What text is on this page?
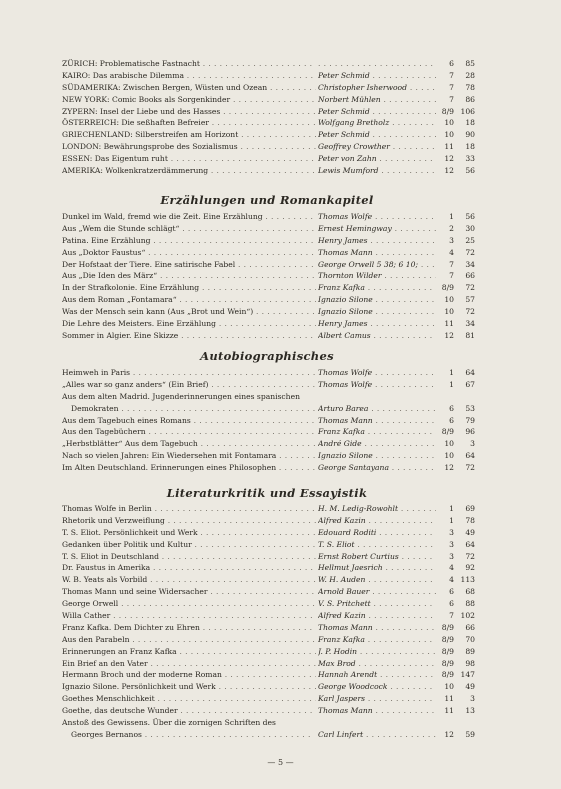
ZÜRICH: Problematische Fastnacht . . .
. . .	6	85
KAIRO: Das arabische Dilemma . . .	Peter Schmid . . .	7	28
SÜDAMERIKA: Zwischen Bergen, Wüsten und Ozean . . .	Christopher Isherwood . . .	7	78
NEW YORK: Comic Books als Sorgenkinder . . .	Norbert Mühlen . . .	7	86
ZYPERN: Insel der Liebe und des Hasses . . .	Peter Schmid . . .	8/9 106
ÖSTERREICH: Die seßhaften Befreier . . .	Wolfgang Bretholz . . .	10	18
GRIECHENLAND: Silberstreifen am Horizont . . .	Peter Schmid . . .	10	90
LONDON: Bewährungsprobe des Sozialismus . . .	Geoffrey Crowther . . .	11	18
ESSEN: Das Eigentum ruht . . .	Peter von Zahn . . .	12	33
AMERIKA: Wolkenkratzerdämmerung . . .	Lewis Mumford . . .	12	56
Erzählungen und Romankapitel
Dunkel im Wald, fremd wie die Zeit. Eine Erzählung . . .	Thomas Wolfe . . .	1	56
Aus „Wem die Stunde schlägt“ . . .	Ernest Hemingway . . .	2	30
Patina. Eine Erzählung . . .	Henry James . . .	3	25
Aus „Doktor Faustus“ . . .	Thomas Mann . . .	4	72
Der Hofstaat der Tiere. Eine satirische Fabel . . .	George Orwell 5 38; 6 10; . . .	7	34
Aus „Die Iden des März“ . . .	Thornton Wilder . . .	7	66
In der Strafkolonie. Eine Erzählung . . .	Franz Kafka . . .	8/9	72
Aus dem Roman „Fontamara“ . . .	Ignazio Silone . . .	10	57
Was der Mensch sein kann (Aus „Brot und Wein“) . . .	Ignazio Silone . . .	10	72
Die Lehre des Meisters. Eine Erzählung . . .	Henry James . . .	11	34
Sommer in Algier. Eine Skizze . . .	Albert Camus . . .	12	81
Autobiographisches
Heimweh in Paris . . .	Thomas Wolfe . . .	1	64
„Alles war so ganz anders“ (Ein Brief) . . .	Thomas Wolfe . . .	1	67
Aus dem alten Madrid. Jugenderinnerungen eines spanischen
Demokraten . . .	Arturo Barea . . .	6	53
Aus dem Tagebuch eines Romans . . .	Thomas Mann . . .	6	79
Aus den Tagebüchern . . .	Franz Kafka . . .	8/9	96
„Herbstblätter“ Aus dem Tagebuch . . .	André Gide . . .	10	3
Nach so vielen Jahren: Ein Wiedersehen mit Fontamara . . .	Ignazio Silone . . .	10	64
Im Alten Deutschland. Erinnerungen eines Philosophen . . .	George Santayana . . .	12	72
Literaturkritik und Essayistik
Thomas Wolfe in Berlin . . .	H. M. Ledig-Rowohlt . . .	1	69
Rhetorik und Verzweiflung . . .	Alfred Kazin . . .	1	78
T. S. Eliot. Persönlichkeit und Werk . . .	Edouard Roditi . . .	3	49
Gedanken über Politik und Kultur . . .	T. S. Eliot . . .	3	64
T. S. Eliot in Deutschland . . .	Ernst Robert Curtius . . .	3	72
Dr. Faustus in Amerika . . .	Hellmut Jaesrich . . .	4	92
W. B. Yeats als Vorbild . . .	W. H. Auden . . .	4 113
Thomas Mann und seine Widersacher . . .	Arnold Bauer . . .	6	68
George Orwell . . .	V. S. Pritchett . . .	6	88
Willa Cather . . .	Alfred Kazin . . .	7 102
Franz Kafka. Dem Dichter zu Ehren . . .	Thomas Mann . . .	8/9	66
Aus den Parabeln . . .	Franz Kafka . . .	8/9	70
Erinnerungen an Franz Kafka . . .	J. P. Hodin . . .	8/9	89
Ein Brief an den Vater . . .	Max Brod . . .	8/9	98
Hermann Broch und der moderne Roman . . .	Hannah Arendt . . .	8/9 147
Ignazio Silone. Persönlichkeit und Werk . . .	George Woodcock . . .	10	49
Goethes Menschlichkeit . . .	Karl Jaspers . . .	11	3
Goethe, das deutsche Wunder . . .	Thomas Mann . . .	11	13
Anstoß des Gewissens. Über die zornigen Schriften des
Georges Bernanos . . .	Carl Linfert . . .	12	59
— 5 —
